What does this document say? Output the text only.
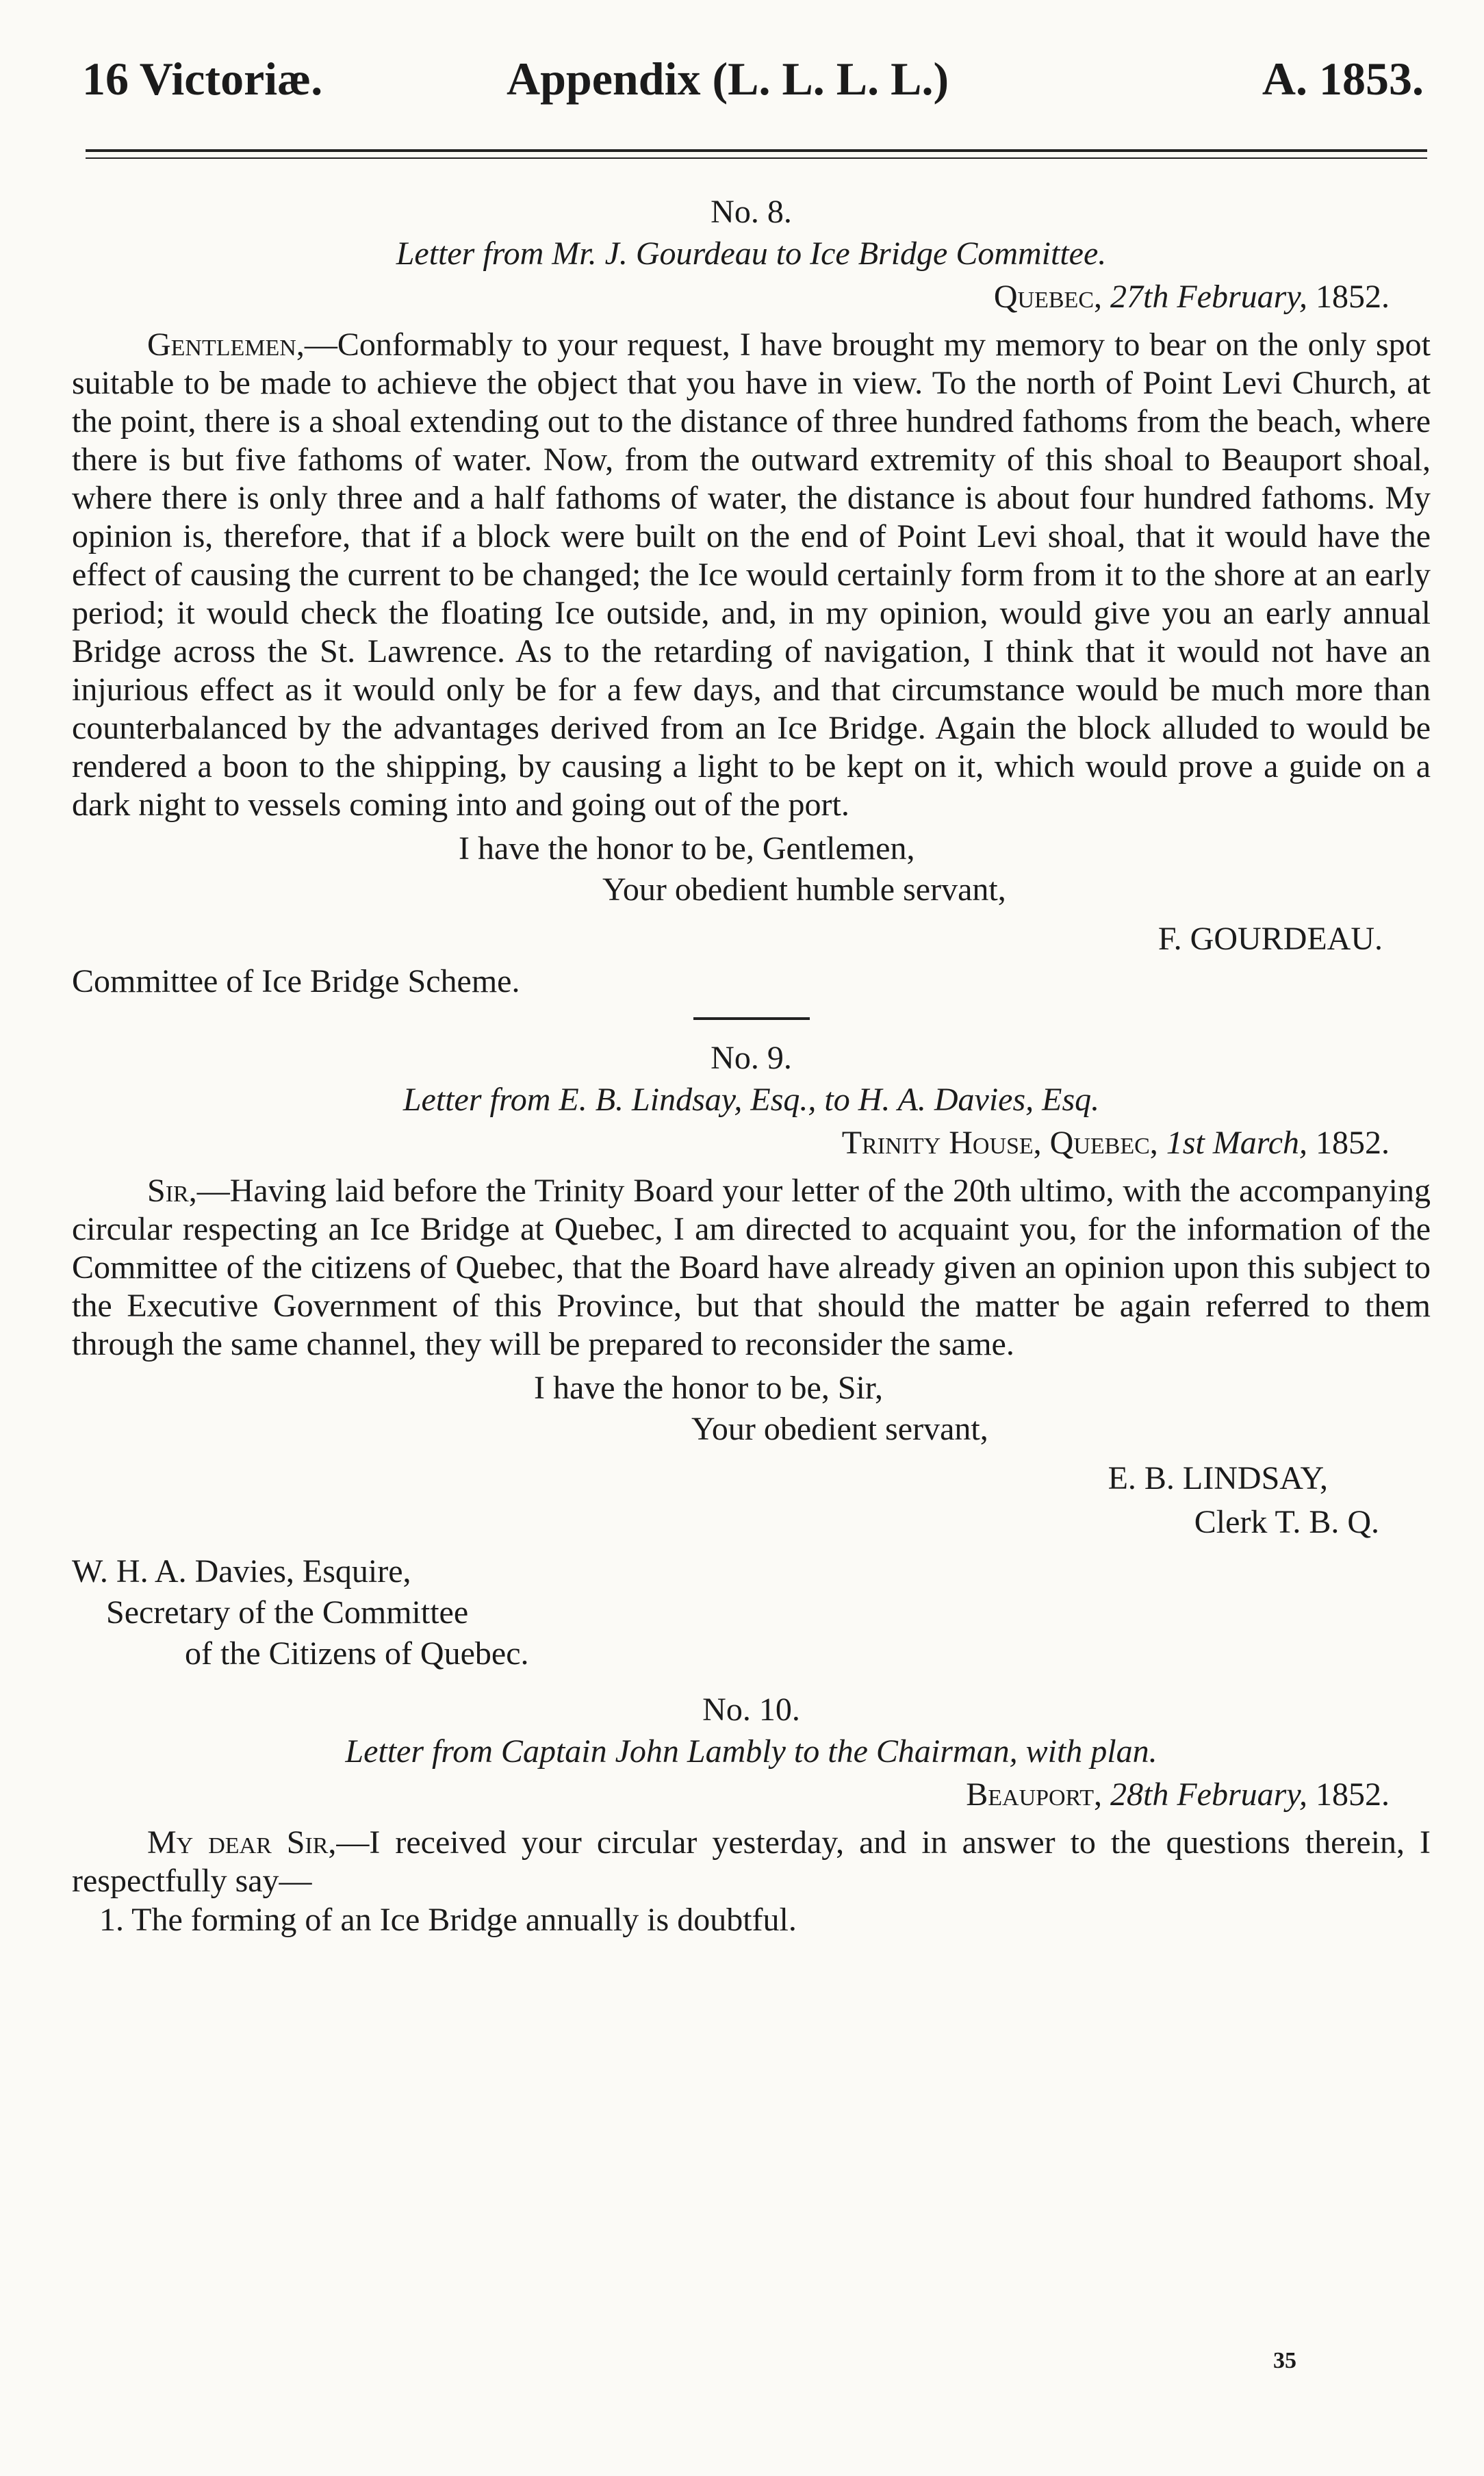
16 Victoriæ.	Appendix (L. L. L. L.)	A. 1853.
No. 8.
Letter from Mr. J. Gourdeau to Ice Bridge Committee.
Quebec, 27th February, 1852.

Gentlemen,—Conformably to your request, I have brought my memory to bear on the only spot suitable to be made to achieve the object that you have in view. To the north of Point Levi Church, at the point, there is a shoal extending out to the distance of three hundred fathoms from the beach, where there is but five fathoms of water. Now, from the outward extremity of this shoal to Beauport shoal, where there is only three and a half fathoms of water, the distance is about four hundred fathoms. My opinion is, therefore, that if a block were built on the end of Point Levi shoal, that it would have the effect of causing the current to be changed; the Ice would certainly form from it to the shore at an early period; it would check the floating Ice outside, and, in my opinion, would give you an early annual Bridge across the St. Lawrence. As to the retarding of navigation, I think that it would not have an injurious effect as it would only be for a few days, and that circumstance would be much more than counterbalanced by the advantages derived from an Ice Bridge. Again the block alluded to would be rendered a boon to the shipping, by causing a light to be kept on it, which would prove a guide on a dark night to vessels coming into and going out of the port.

I have the honor to be, Gentlemen,
Your obedient humble servant,
F. GOURDEAU.
Committee of Ice Bridge Scheme.
No. 9.
Letter from E. B. Lindsay, Esq., to H. A. Davies, Esq.
Trinity House, Quebec, 1st March, 1852.

Sir,—Having laid before the Trinity Board your letter of the 20th ultimo, with the accompanying circular respecting an Ice Bridge at Quebec, I am directed to acquaint you, for the information of the Committee of the citizens of Quebec, that the Board have already given an opinion upon this subject to the Executive Government of this Province, but that should the matter be again referred to them through the same channel, they will be prepared to reconsider the same.

I have the honor to be, Sir,
Your obedient servant,
E. B. LINDSAY,
Clerk T. B. Q.
W. H. A. Davies, Esquire,
Secretary of the Committee
of the Citizens of Quebec.
No. 10.
Letter from Captain John Lambly to the Chairman, with plan.
Beauport, 28th February, 1852.

My dear Sir,—I received your circular yesterday, and in answer to the questions therein, I respectfully say—

1. The forming of an Ice Bridge annually is doubtful.
35
